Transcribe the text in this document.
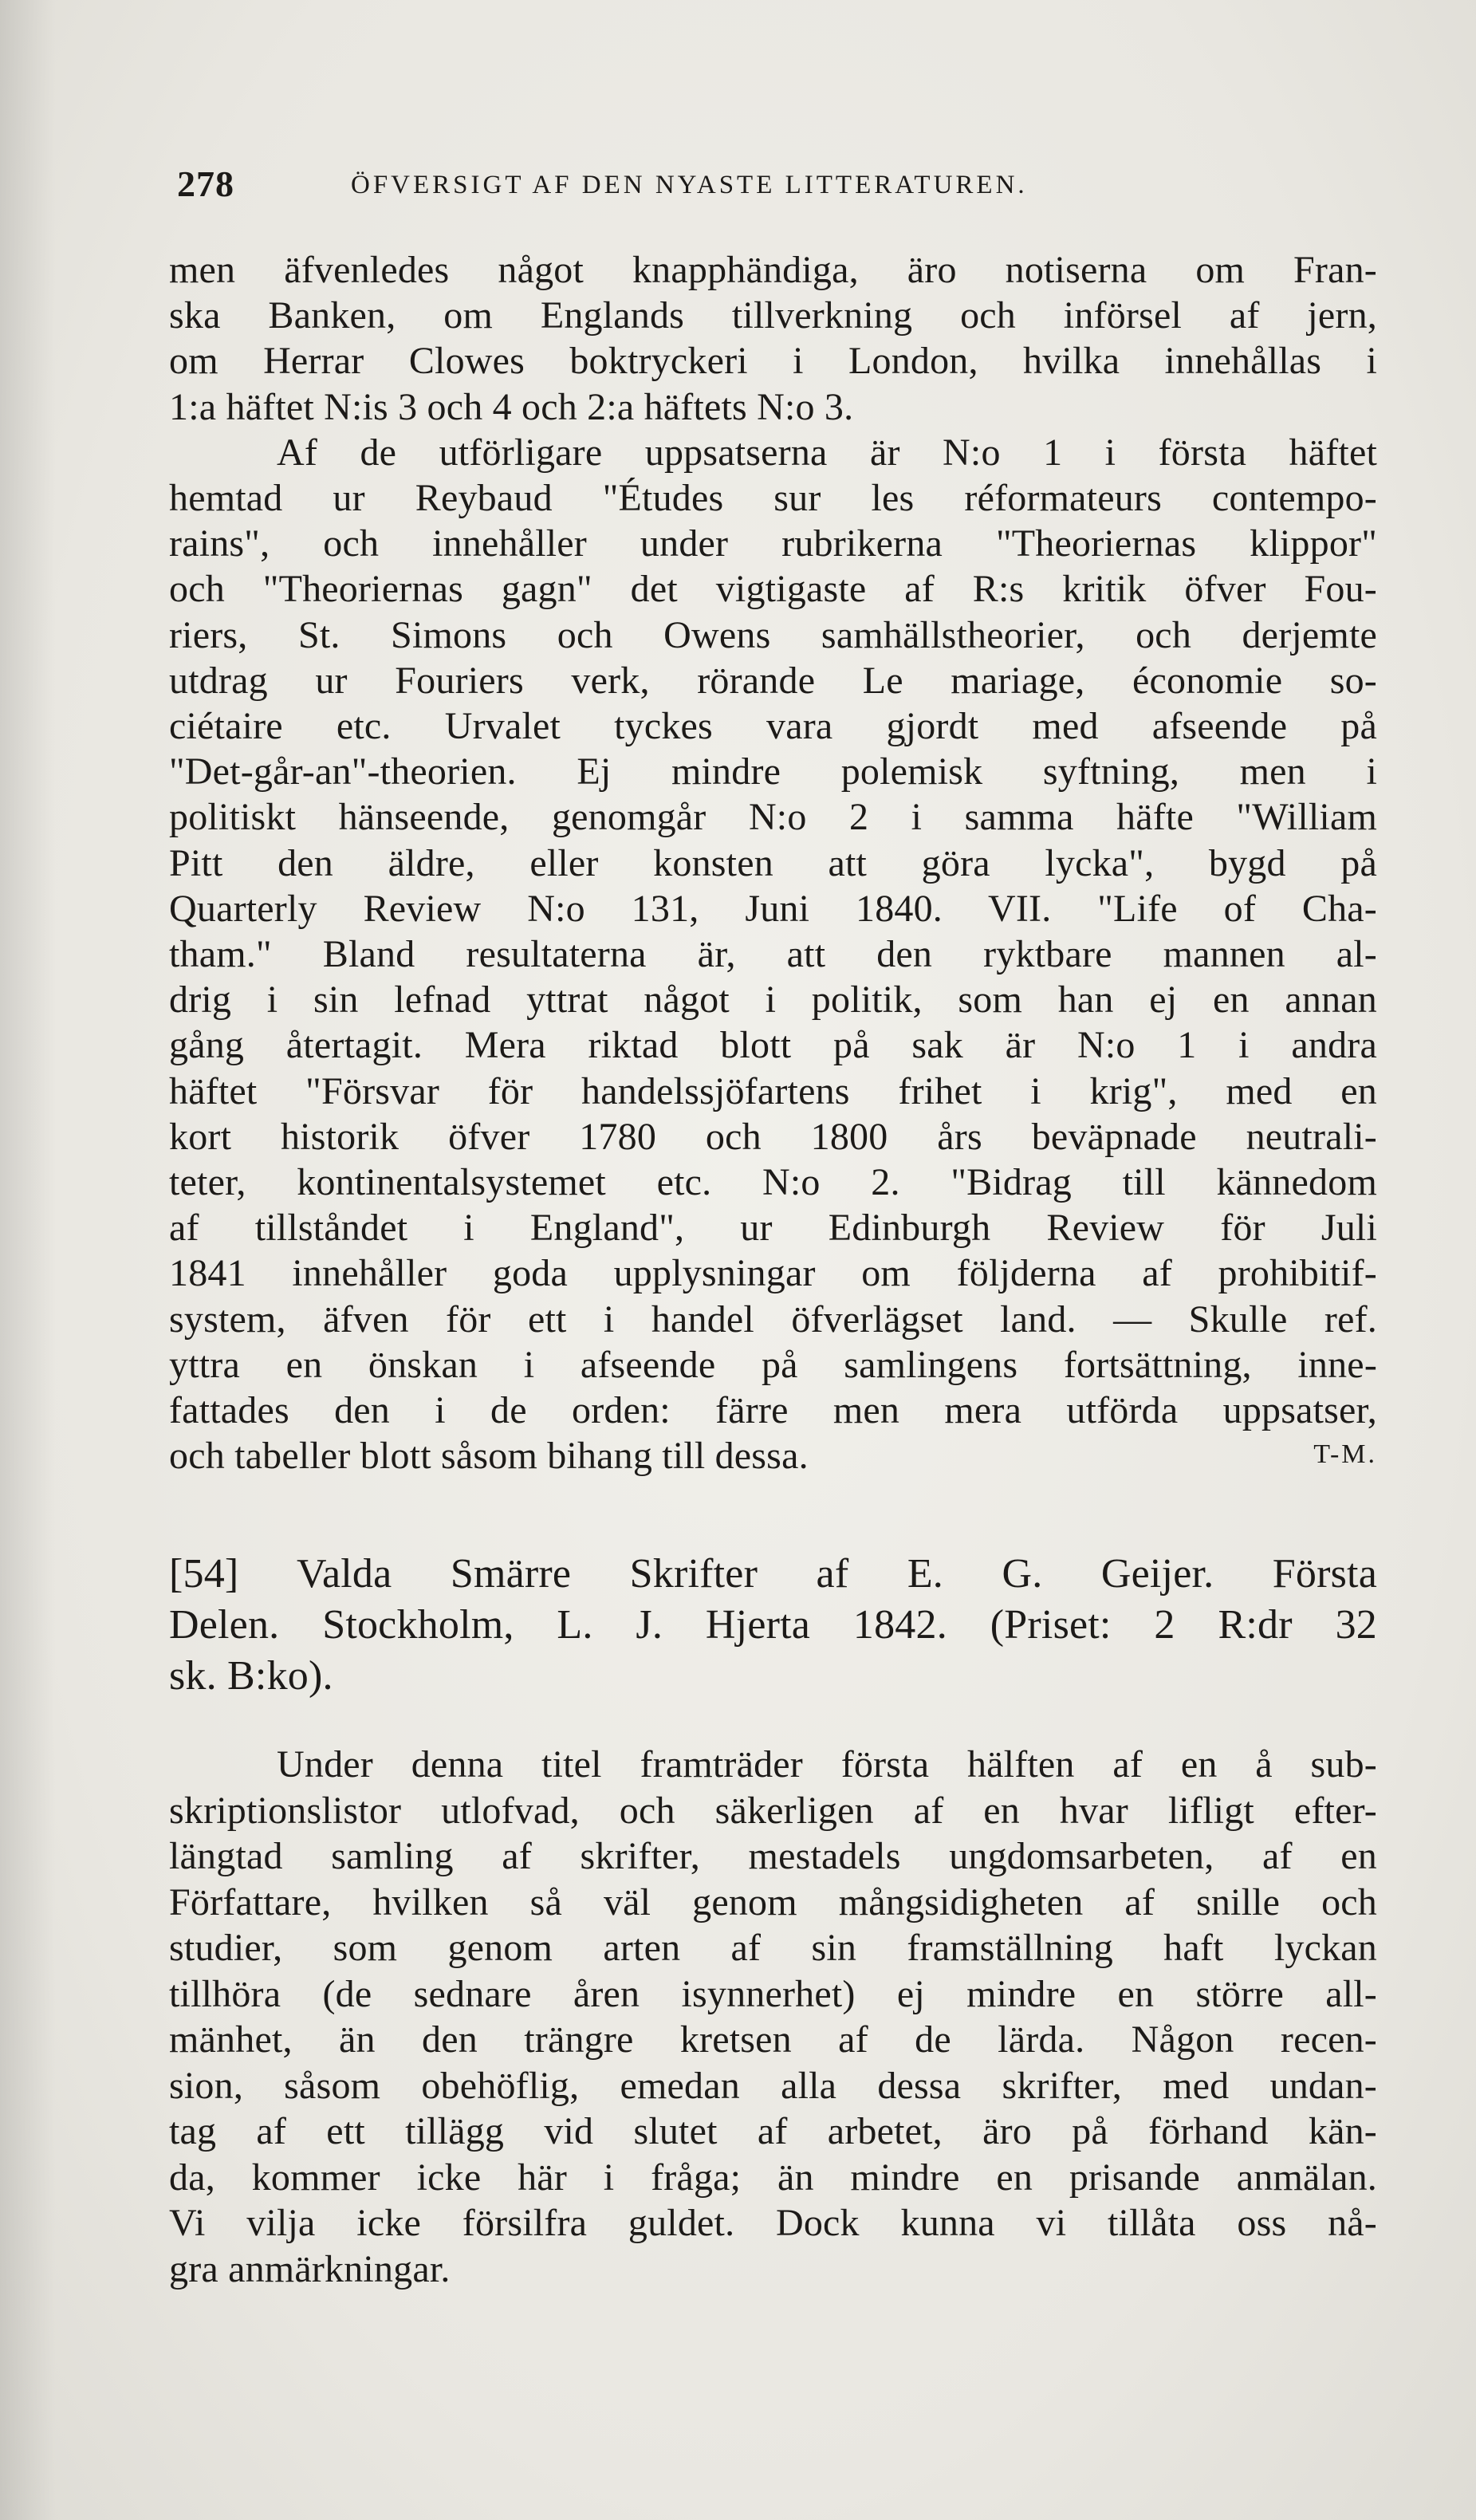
278	ÖFVERSIGT AF DEN NYASTE LITTERATUREN.
men äfvenledes något knapphändiga, äro notiserna om Fran-
ska Banken, om Englands tillverkning och införsel af jern,
om Herrar Clowes boktryckeri i London, hvilka innehållas i
1:a häftet N:is 3 och 4 och 2:a häftets N:o 3.
Af de utförligare uppsatserna är N:o 1 i första häftet
hemtad ur Reybaud "Études sur les réformateurs contempo-
rains", och innehåller under rubrikerna "Theoriernas klippor"
och "Theoriernas gagn" det vigtigaste af R:s kritik öfver Fou-
riers, St. Simons och Owens samhällstheorier, och derjemte
utdrag ur Fouriers verk, rörande Le mariage, économie so-
ciétaire etc. Urvalet tyckes vara gjordt med afseende på
"Det-går-an"-theorien. Ej mindre polemisk syftning, men i
politiskt hänseende, genomgår N:o 2 i samma häfte "William
Pitt den äldre, eller konsten att göra lycka", bygd på
Quarterly Review N:o 131, Juni 1840. VII. "Life of Cha-
tham." Bland resultaterna är, att den ryktbare mannen al-
drig i sin lefnad yttrat något i politik, som han ej en annan
gång återtagit. Mera riktad blott på sak är N:o 1 i andra
häftet "Försvar för handelssjöfartens frihet i krig", med en
kort historik öfver 1780 och 1800 års beväpnade neutrali-
teter, kontinentalsystemet etc. N:o 2. "Bidrag till kännedom
af tillståndet i England", ur Edinburgh Review för Juli
1841 innehåller goda upplysningar om följderna af prohibitif-
system, äfven för ett i handel öfverlägset land. — Skulle ref.
yttra en önskan i afseende på samlingens fortsättning, inne-
fattades den i de orden: färre men mera utförda uppsatser,
och tabeller blott såsom bihang till dessa.	T-M.
[54] Valda Smärre Skrifter af E. G. Geijer. Första
Delen. Stockholm, L. J. Hjerta 1842. (Priset: 2 R:dr 32
sk. B:ko).
Under denna titel framträder första hälften af en å sub-
skriptionslistor utlofvad, och säkerligen af en hvar lifligt efter-
längtad samling af skrifter, mestadels ungdomsarbeten, af en
Författare, hvilken så väl genom mångsidigheten af snille och
studier, som genom arten af sin framställning haft lyckan
tillhöra (de sednare åren isynnerhet) ej mindre en större all-
mänhet, än den trängre kretsen af de lärda. Någon recen-
sion, såsom obehöflig, emedan alla dessa skrifter, med undan-
tag af ett tillägg vid slutet af arbetet, äro på förhand kän-
da, kommer icke här i fråga; än mindre en prisande anmälan.
Vi vilja icke försilfra guldet. Dock kunna vi tillåta oss nå-
gra anmärkningar.
